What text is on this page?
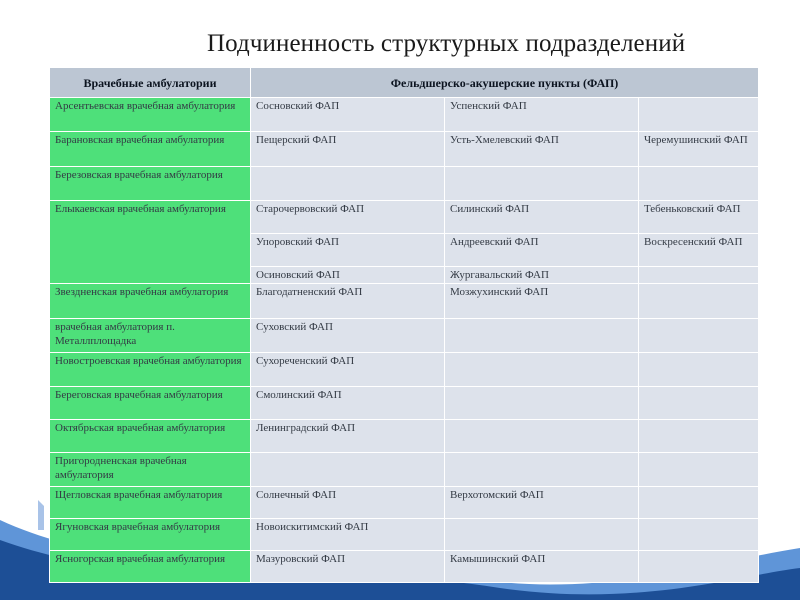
Подчиненность структурных подразделений
Врачебные амбулатории	Фельдшерско-акушерские пункты (ФАП)		
Арсентьевская врачебная амбулатория	Сосновский ФАП	Успенский ФАП	
Барановская врачебная амбулатория	Пещерский ФАП	Усть-Хмелевский ФАП	Черемушинский ФАП
Березовская врачебная амбулатория			
Елыкаевская врачебная амбулатория	Старочервовский ФАП	Силинский ФАП	Тебеньковский ФАП
	Упоровский ФАП	Андреевский ФАП	Воскресенский ФАП
	Осиновский ФАП	Жургавальский ФАП	
Звездненская врачебная амбулатория	Благодатненский ФАП	Мозжухинский ФАП	
врачебная амбулатория п. Металлплощадка	Суховский ФАП		
Новостроевская врачебная амбулатория	Сухореченский ФАП		
Береговская врачебная амбулатория	Смолинский ФАП		
Октябрьская врачебная амбулатория	Ленинградский ФАП		
Пригородненская врачебная амбулатория			
Щегловская врачебная амбулатория	Солнечный ФАП	Верхотомский ФАП	
Ягуновская врачебная амбулатория	Новоискитимский ФАП		
Ясногорская врачебная амбулатория	Мазуровский ФАП	Камышинский ФАП	
